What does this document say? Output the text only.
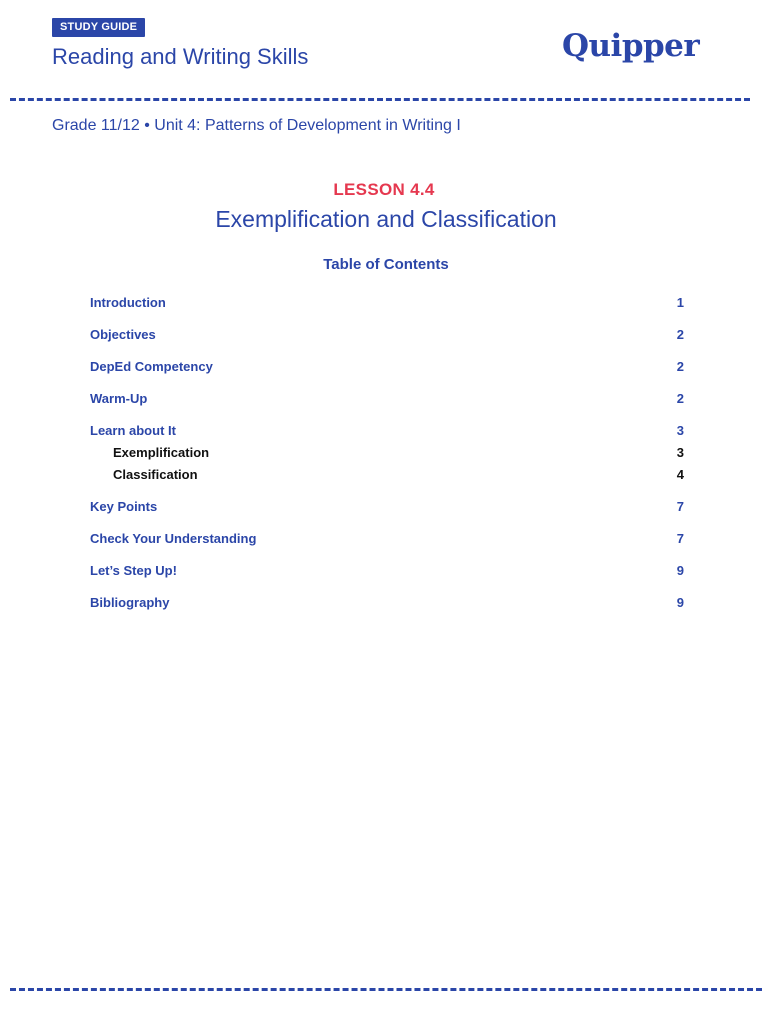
STUDY GUIDE
Reading and Writing Skills	Quipper
Grade 11/12 • Unit 4: Patterns of Development in Writing I
LESSON 4.4
Exemplification and Classification
Table of Contents
Introduction	1
Objectives	2
DepEd Competency	2
Warm-Up	2
Learn about It	3
Exemplification	3
Classification	4
Key Points	7
Check Your Understanding	7
Let’s Step Up!	9
Bibliography	9
